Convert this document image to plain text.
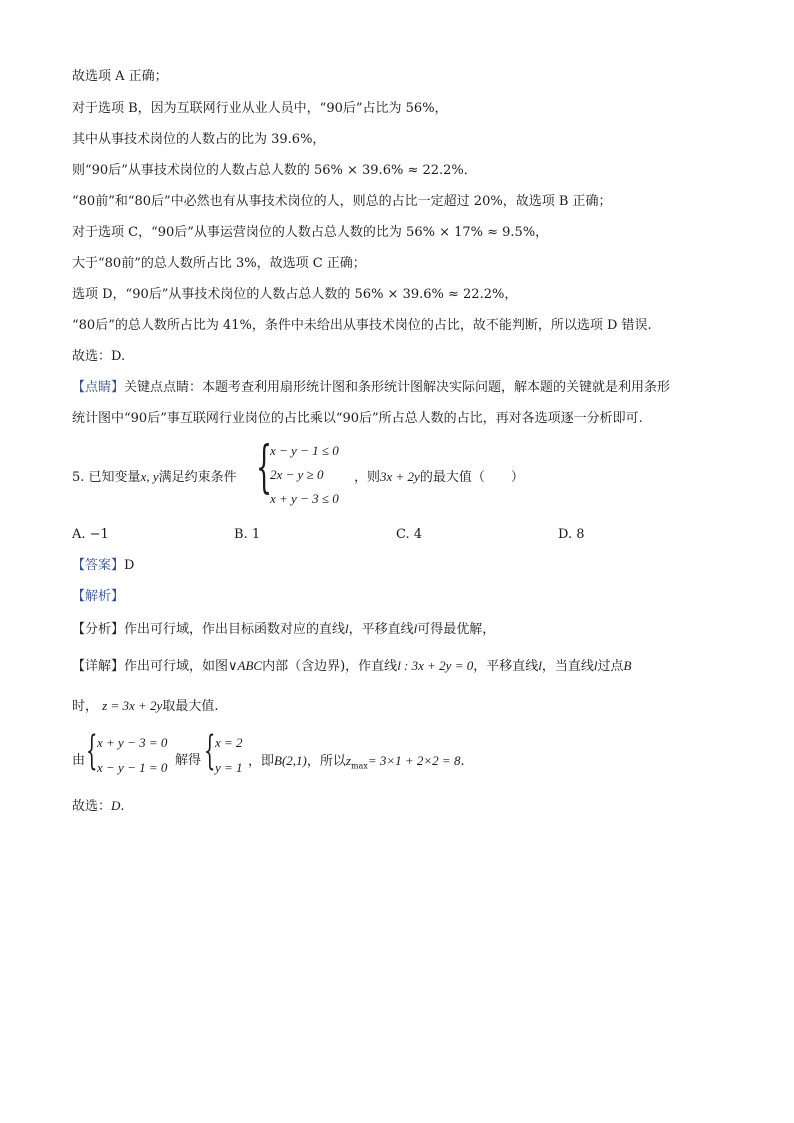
故选项 A 正确；
对于选项 B，因为互联网行业从业人员中，“90后”占比为 56%，
其中从事技术岗位的人数占的比为 39.6%，
则“90后”从事技术岗位的人数占总人数的 56% × 39.6% ≈ 22.2%．
“80前”和“80后”中必然也有从事技术岗位的人，则总的占比一定超过 20%，故选项 B 正确；
对于选项 C，“90后”从事运营岗位的人数占总人数的比为 56% × 17% ≈ 9.5%，
大于“80前”的总人数所占比 3%，故选项 C 正确；
选项 D，“90后”从事技术岗位的人数占总人数的 56% × 39.6% ≈ 22.2%，
“80后”的总人数所占比为 41%，条件中未给出从事技术岗位的占比，故不能判断，所以选项 D 错误.
故选：D.
【点睛】关键点点睛：本题考查利用扇形统计图和条形统计图解决实际问题，解本题的关键就是利用条形
统计图中“90后”事互联网行业岗位的占比乘以“90后”所占总人数的占比，再对各选项逐一分析即可.
5. 已知变量x, y满足约束条件 {
x − y − 1 ≤ 0
2x − y ≥ 0
x + y − 3 ≤ 0
，则3x + 2y的最大值（　　）
A. −1	B. 1	C. 4	D. 8
【答案】D
【解析】
【分析】作出可行域，作出目标函数对应的直线l，平移直线l可得最优解，
【详解】作出可行域，如图∨ABC内部（含边界)，作直线l : 3x + 2y = 0，平移直线l，当直线l过点B
时， z = 3x + 2y取最大值.
由 { x + y − 3 = 0
x − y − 1 = 0 解得 { x = 2
y = 1 ，即B(2,1)，所以$z_{max}= 3\times 1 + 2\times 2 = 8$.
故选：D.
